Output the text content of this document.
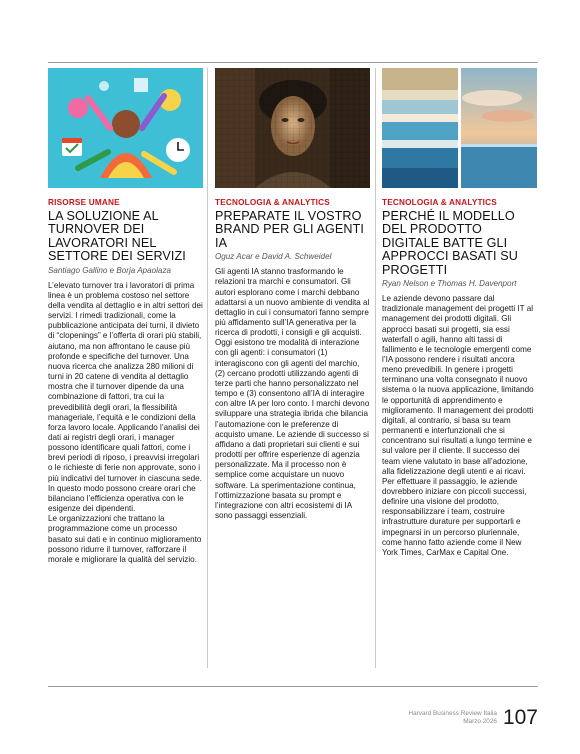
RISORSE UMANE
LA SOLUZIONE AL TURNOVER DEI LAVORATORI NEL SETTORE DEI SERVIZI
Santiago Gallino e Borja Apaolaza

L’elevato turnover tra i lavoratori di prima linea è un problema costoso nel settore della vendita al dettaglio e in altri settori dei servizi. I rimedi tradizionali, come la pubblicazione anticipata dei turni, il divieto di “clopenings” e l’offerta di orari più stabili, aiutano, ma non affrontano le cause più profonde e specifiche del turnover. Una nuova ricerca che analizza 280 milioni di turni in 20 catene di vendita al dettaglio mostra che il turnover dipende da una combinazione di fattori, tra cui la prevedibilità degli orari, la flessibilità manageriale, l’equità e le condizioni della forza lavoro locale. Applicando l’analisi dei dati ai registri degli orari, i manager possono identificare quali fattori, come i brevi periodi di riposo, i preavvisi irregolari o le richieste di ferie non approvate, sono i più indicativi del turnover in ciascuna sede. In questo modo possono creare orari che bilanciano l’efficienza operativa con le esigenze dei dipendenti.

Le organizzazioni che trattano la programmazione come un processo basato sui dati e in continuo miglioramento possono ridurre il turnover, rafforzare il morale e migliorare la qualità del servizio.

TECNOLOGIA & ANALYTICS
PREPARATE IL VOSTRO BRAND PER GLI AGENTI IA
Oguz Acar e David A. Schweidel

Gli agenti IA stanno trasformando le relazioni tra marchi e consumatori. Gli autori esplorano come i marchi debbano adattarsi a un nuovo ambiente di vendita al dettaglio in cui i consumatori fanno sempre più affidamento sull’IA generativa per la ricerca di prodotti, i consigli e gli acquisti. Oggi esistono tre modalità di interazione con gli agenti: i consumatori (1) interagiscono con gli agenti del marchio, (2) cercano prodotti utilizzando agenti di terze parti che hanno personalizzato nel tempo e (3) consentono all’IA di interagire con altre IA per loro conto. I marchi devono sviluppare una strategia ibrida che bilancia l’automazione con le preferenze di acquisto umane. Le aziende di successo si affidano a dati proprietari sui clienti e sui prodotti per offrire esperienze di agenzia personalizzate. Ma il processo non è semplice come acquistare un nuovo software. La sperimentazione continua, l’ottimizzazione basata su prompt e l’integrazione con altri ecosistemi di IA sono passaggi essenziali.

TECNOLOGIA & ANALYTICS
PERCHÉ IL MODELLO DEL PRODOTTO DIGITALE BATTE GLI APPROCCI BASATI SU PROGETTI
Ryan Nelson e Thomas H. Davenport

Le aziende devono passare dal tradizionale management dei progetti IT al management dei prodotti digitali. Gli approcci basati sui progetti, sia essi waterfall o agili, hanno alti tassi di fallimento e le tecnologie emergenti come l’IA possono rendere i risultati ancora meno prevedibili. In genere i progetti terminano una volta consegnato il nuovo sistema o la nuova applicazione, limitando le opportunità di apprendimento e miglioramento. Il management dei prodotti digitali, al contrario, si basa su team permanenti e interfunzionali che si concentrano sui risultati a lungo termine e sul valore per il cliente. Il successo dei team viene valutato in base all’adozione, alla fidelizzazione degli utenti e ai ricavi.

Per effettuare il passaggio, le aziende dovrebbero iniziare con piccoli successi, definire una visione del prodotto, responsabilizzare i team, costruire infrastrutture durature per supportarli e impegnarsi in un percorso pluriennale, come hanno fatto aziende come il New York Times, CarMax e Capital One.

Harvard Business Review Italia
Marzo 2026 107
